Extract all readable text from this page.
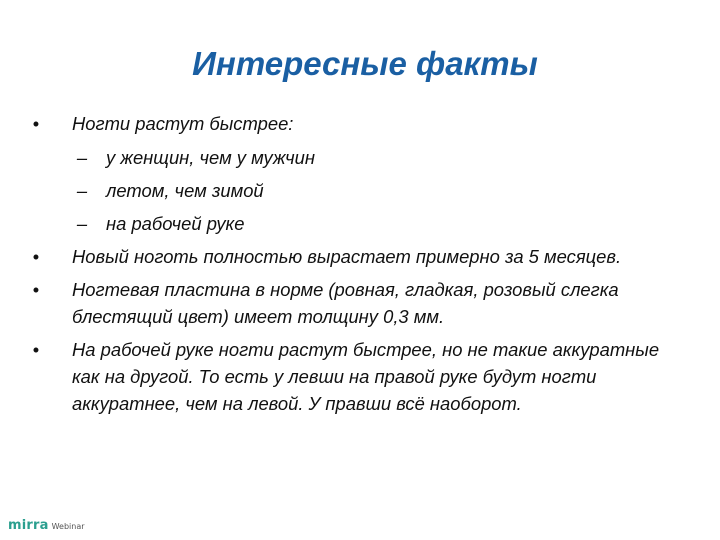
Интересные факты
• Ногти растут быстрее:
– у женщин, чем у мужчин
– летом, чем зимой
– на рабочей руке
• Новый ноготь полностью вырастает примерно за 5 месяцев.
• Ногтевая пластина в норме (ровная, гладкая, розовый слегка блестящий цвет) имеет толщину 0,3 мм.
• На рабочей руке ногти растут быстрее, но не такие аккуратные как на другой. То есть у левши на правой руке будут ногти аккуратнее, чем на левой. У правши всё наоборот.
mirra Webinar
